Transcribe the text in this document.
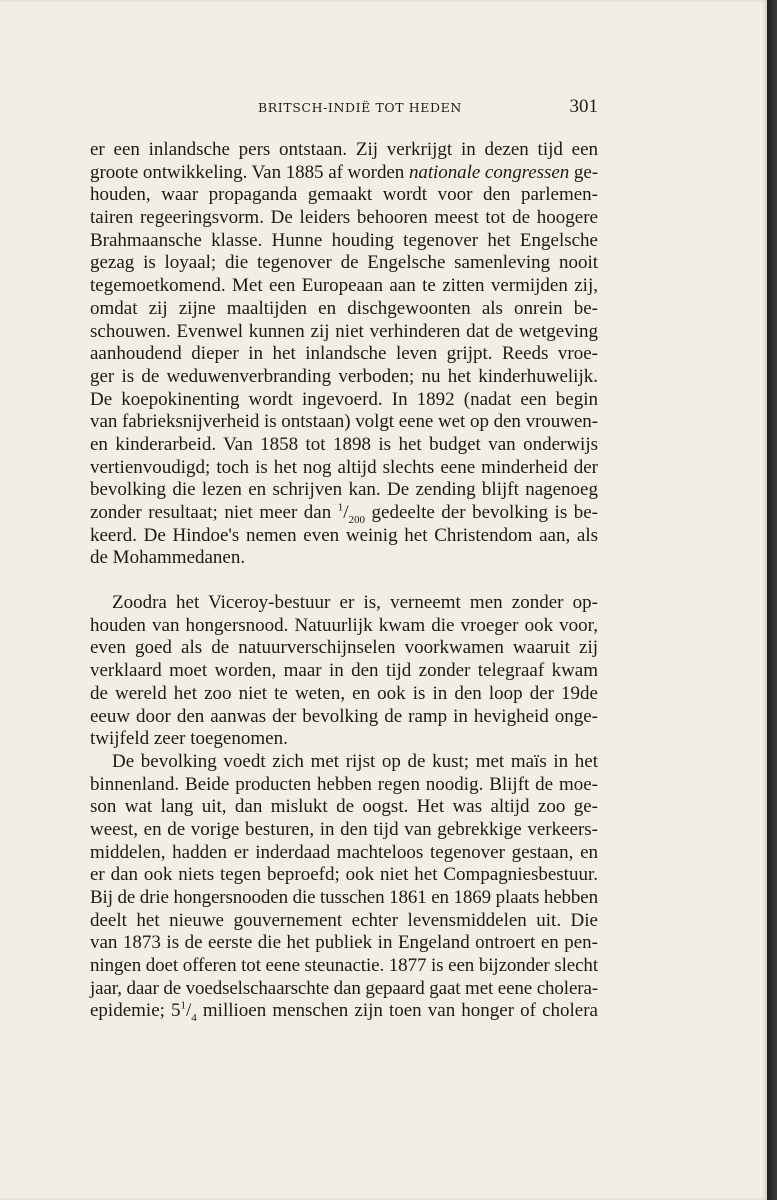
BRITSCH-INDIË TOT HEDEN	301
er een inlandsche pers ontstaan. Zij verkrijgt in dezen tijd een
groote ontwikkeling. Van 1885 af worden nationale congressen ge-
houden, waar propaganda gemaakt wordt voor den parlemen-
tairen regeeringsvorm. De leiders behooren meest tot de hoogere
Brahmaansche klasse. Hunne houding tegenover het Engelsche
gezag is loyaal; die tegenover de Engelsche samenleving nooit
tegemoetkomend. Met een Europeaan aan te zitten vermijden zij,
omdat zij zijne maaltijden en dischgewoonten als onrein be-
schouwen. Evenwel kunnen zij niet verhinderen dat de wetgeving
aanhoudend dieper in het inlandsche leven grijpt. Reeds vroe-
ger is de weduwenverbranding verboden; nu het kinderhuwelijk.
De koepokinenting wordt ingevoerd. In 1892 (nadat een begin
van fabrieksnijverheid is ontstaan) volgt eene wet op den vrouwen-
en kinderarbeid. Van 1858 tot 1898 is het budget van onderwijs
vertienvoudigd; toch is het nog altijd slechts eene minderheid der
bevolking die lezen en schrijven kan. De zending blijft nagenoeg
zonder resultaat; niet meer dan $^1/_{200}$ gedeelte der bevolking is be-
keerd. De Hindoe's nemen even weinig het Christendom aan, als
de Mohammedanen.
Zoodra het Viceroy-bestuur er is, verneemt men zonder op-
houden van hongersnood. Natuurlijk kwam die vroeger ook voor,
even goed als de natuurverschijnselen voorkwamen waaruit zij
verklaard moet worden, maar in den tijd zonder telegraaf kwam
de wereld het zoo niet te weten, en ook is in den loop der 19de
eeuw door den aanwas der bevolking de ramp in hevigheid onge-
twijfeld zeer toegenomen.
De bevolking voedt zich met rijst op de kust; met maïs in het
binnenland. Beide producten hebben regen noodig. Blijft de moe-
son wat lang uit, dan mislukt de oogst. Het was altijd zoo ge-
weest, en de vorige besturen, in den tijd van gebrekkige verkeers-
middelen, hadden er inderdaad machteloos tegenover gestaan, en
er dan ook niets tegen beproefd; ook niet het Compagniesbestuur.
Bij de drie hongersnooden die tusschen 1861 en 1869 plaats hebben
deelt het nieuwe gouvernement echter levensmiddelen uit. Die
van 1873 is de eerste die het publiek in Engeland ontroert en pen-
ningen doet offeren tot eene steunactie. 1877 is een bijzonder slecht
jaar, daar de voedselschaarschte dan gepaard gaat met eene cholera-
epidemie; $5^1/_4$ millioen menschen zijn toen van honger of cholera
